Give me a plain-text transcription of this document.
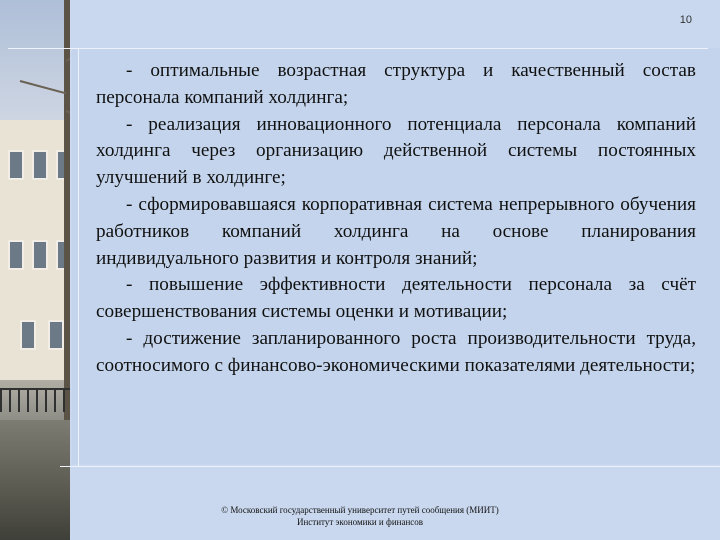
10

- оптимальные возрастная структура и качественный состав персонала компаний холдинга;

- реализация инновационного потенциала персонала компаний холдинга через организацию действенной системы постоянных улучшений в холдинге;

- сформировавшаяся корпоративная система непрерывного обучения работников компаний холдинга на основе планирования индивидуального развития и контроля знаний;

- повышение эффективности деятельности персонала за счёт совершенствования системы оценки и мотивации;

- достижение запланированного роста производительности труда, соотносимого с финансово-экономическими показателями деятельности;

© Московский государственный университет путей сообщения (МИИТ)
Институт экономики и финансов
